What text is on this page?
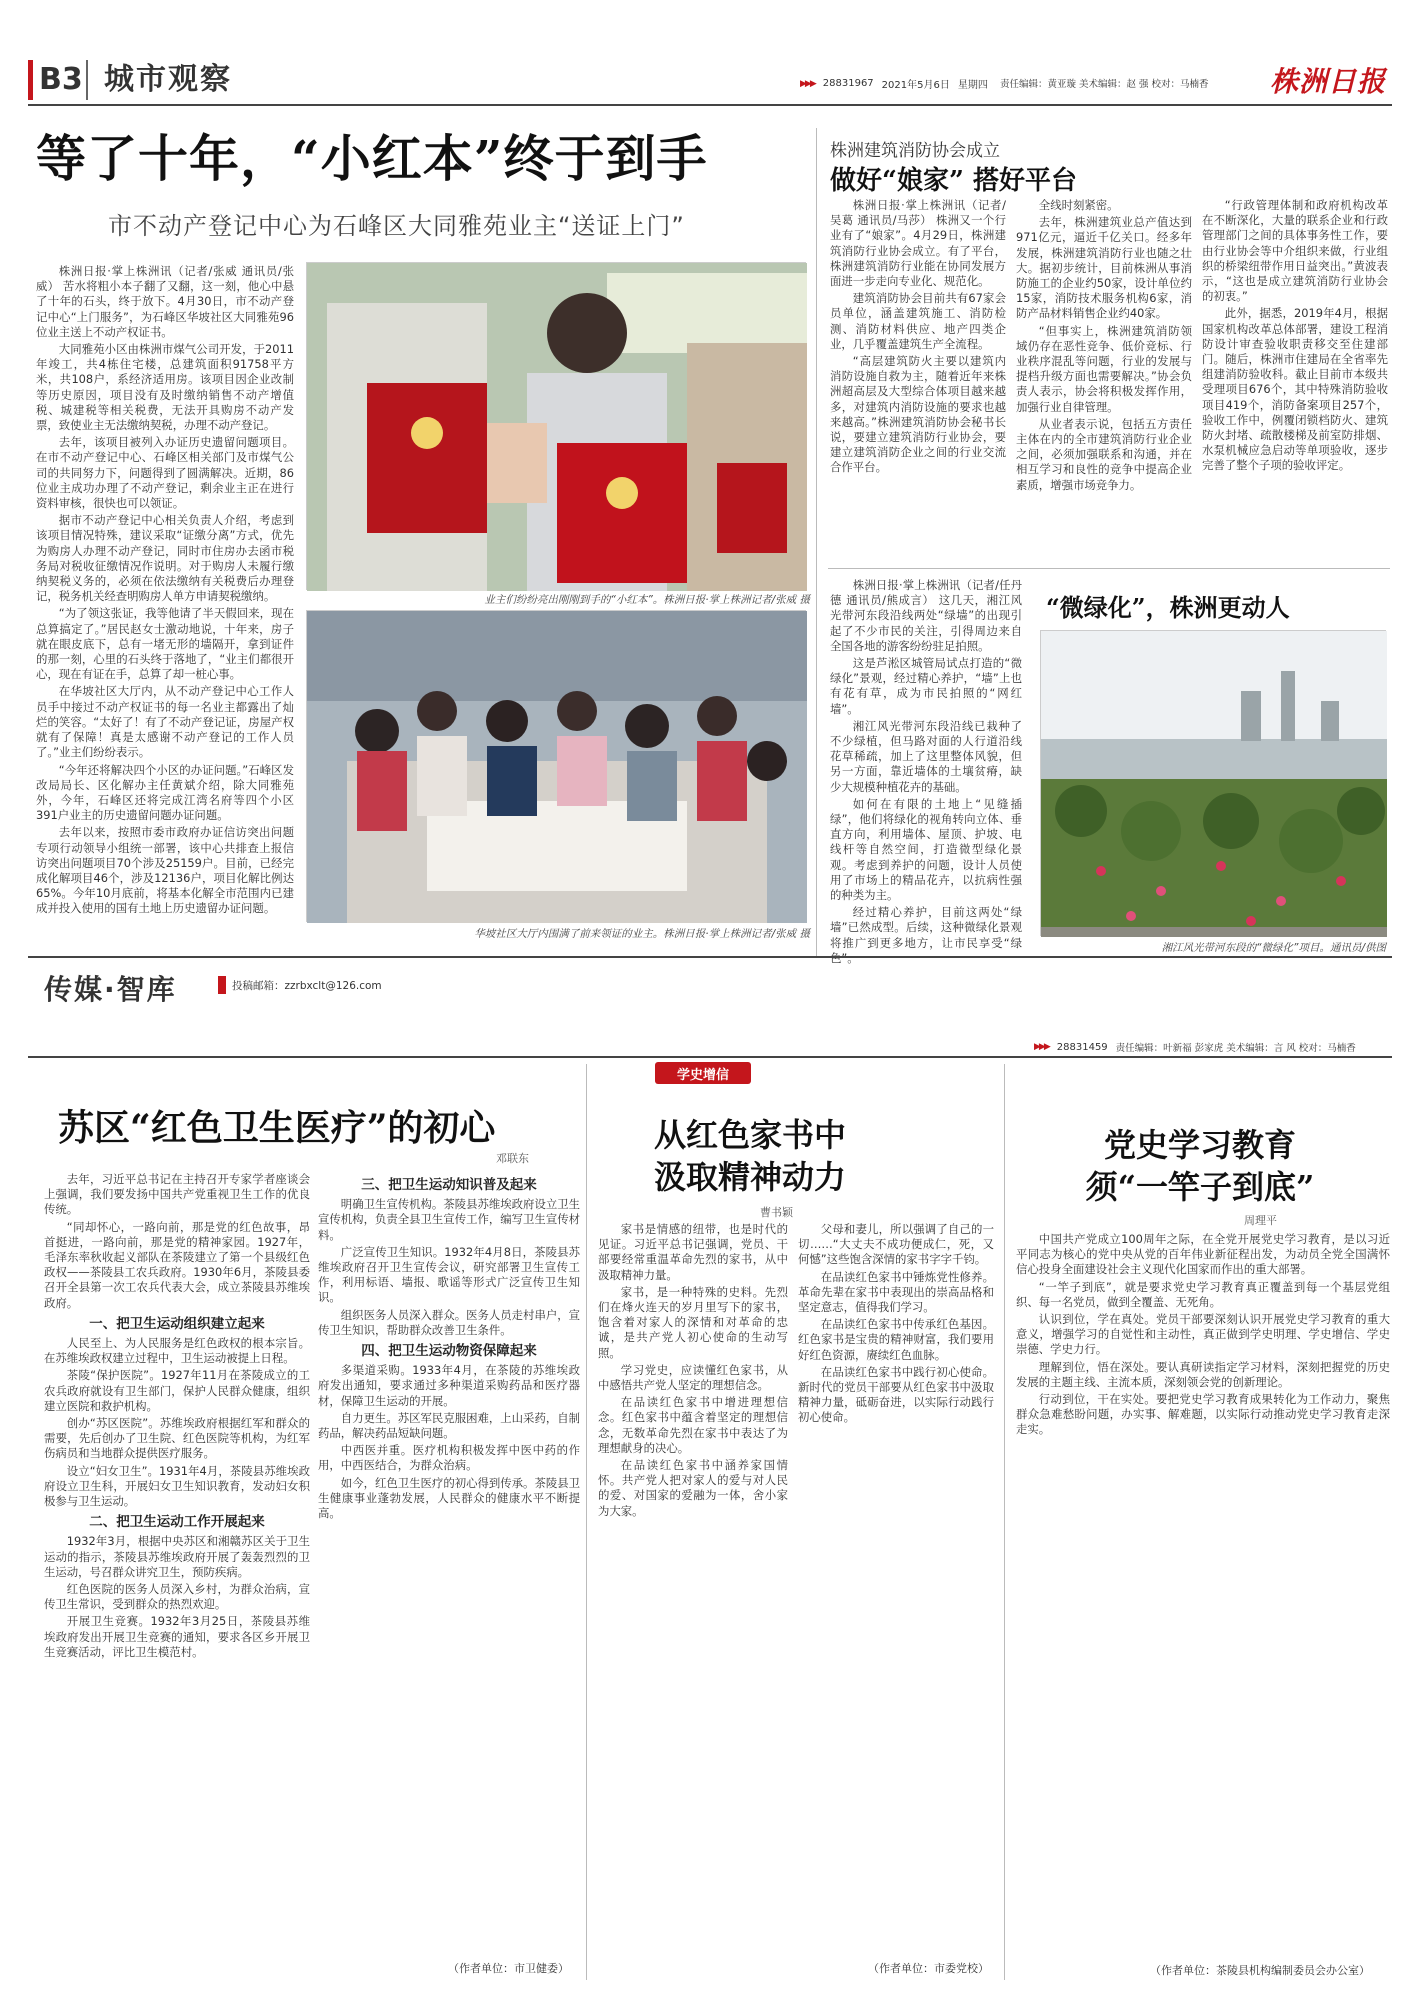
B3 城市观察	▶▶▶ 28831967 2021年5月6日 星期四 责任编辑：黄亚璇 美术编辑：赵 强 校对：马楠香 株洲日报
等了十年，“小红本”终于到手
市不动产登记中心为石峰区大同雅苑业主“送证上门”

株洲日报·掌上株洲讯（记者/张威 通讯员/张威） 苦水将粗小本子翻了又翻，这一刻，他心中悬了十年的石头，终于放下。4月30日，市不动产登记中心“上门服务”，为石峰区华坡社区大同雅苑96位业主送上不动产权证书。

大同雅苑小区由株洲市煤气公司开发，于2011年竣工，共4栋住宅楼，总建筑面积91758平方米，共108户，系经济适用房。该项目因企业改制等历史原因，项目没有及时缴纳销售不动产增值税、城建税等相关税费，无法开具购房不动产发票，致使业主无法缴纳契税，办理不动产登记。

去年，该项目被列入办证历史遗留问题项目。在市不动产登记中心、石峰区相关部门及市煤气公司的共同努力下，问题得到了圆满解决。近期，86位业主成功办理了不动产登记，剩余业主正在进行资料审核，很快也可以领证。

据市不动产登记中心相关负责人介绍，考虑到该项目情况特殊，建议采取“证缴分离”方式，优先为购房人办理不动产登记，同时市住房办去函市税务局对税收征缴情况作说明。对于购房人未履行缴纳契税义务的，必须在依法缴纳有关税费后办理登记，税务机关经查明购房人单方申请契税缴纳。

“为了领这张证，我等他请了半天假回来，现在总算搞定了。”居民赵女士激动地说，十年来，房子就在眼皮底下，总有一堵无形的墙隔开，拿到证件的那一刻，心里的石头终于落地了，“业主们都很开心，现在有证在手，总算了却一桩心事。

在华坡社区大厅内，从不动产登记中心工作人员手中接过不动产权证书的每一名业主都露出了灿烂的笑容。“太好了！有了不动产登记证，房屋产权就有了保障！真是太感谢不动产登记的工作人员了。”业主们纷纷表示。

“今年还将解决四个小区的办证问题。”石峰区发改局局长、区化解办主任黄斌介绍，除大同雅苑外，今年，石峰区还将完成江湾名府等四个小区391户业主的历史遗留问题办证问题。

去年以来，按照市委市政府办证信访突出问题专项行动领导小组统一部署，该中心共排查上报信访突出问题项目70个涉及25159户。目前，已经完成化解项目46个，涉及12136户，项目化解比例达65%。今年10月底前，将基本化解全市范围内已建成并投入使用的国有土地上历史遗留办证问题。

业主们纷纷亮出刚刚到手的“小红本”。株洲日报·掌上株洲记者/张威 摄
华坡社区大厅内围满了前来领证的业主。株洲日报·掌上株洲记者/张威 摄
株洲建筑消防协会成立
做好“娘家” 搭好平台

株洲日报·掌上株洲讯（记者/吴葛 通讯员/马莎） 株洲又一个行业有了“娘家”。4月29日，株洲建筑消防行业协会成立。有了平台，株洲建筑消防行业能在协同发展方面进一步走向专业化、规范化。

建筑消防协会目前共有67家会员单位，涵盖建筑施工、消防检测、消防材料供应、地产四类企业，几乎覆盖建筑生产全流程。

“高层建筑防火主要以建筑内消防设施自救为主，随着近年来株洲超高层及大型综合体项目越来越多，对建筑内消防设施的要求也越来越高。”株洲建筑消防协会秘书长说，要建立建筑消防行业协会，要建立建筑消防企业之间的行业交流合作平台。

全线时刻紧密。

去年，株洲建筑业总产值达到971亿元，逼近千亿关口。经多年发展，株洲建筑消防行业也随之壮大。据初步统计，目前株洲从事消防施工的企业约50家，设计单位约15家，消防技术服务机构6家，消防产品材料销售企业约40家。

“但事实上，株洲建筑消防领域仍存在恶性竞争、低价竞标、行业秩序混乱等问题，行业的发展与提档升级方面也需要解决。”协会负责人表示，协会将积极发挥作用，加强行业自律管理。

从业者表示说，包括五方责任主体在内的全市建筑消防行业企业之间，必须加强联系和沟通，并在相互学习和良性的竞争中提高企业素质，增强市场竞争力。

“行政管理体制和政府机构改革在不断深化，大量的联系企业和行政管理部门之间的具体事务性工作，要由行业协会等中介组织来做，行业组织的桥梁纽带作用日益突出。”黄波表示，“这也是成立建筑消防行业协会的初衷。”

此外，据悉，2019年4月，根据国家机构改革总体部署，建设工程消防设计审查验收职责移交至住建部门。随后，株洲市住建局在全省率先组建消防验收科。截止目前市本级共受理项目676个，其中特殊消防验收项目419个，消防备案项目257个，验收工作中，例覆闭锁档防火、建筑防火封堵、疏散楼梯及前室防排烟、水泵机械应急启动等单项验收，逐步完善了整个子项的验收评定。

株洲日报·掌上株洲讯（记者/任丹德 通讯员/熊成言） 这几天，湘江风光带河东段沿线两处“绿墙”的出现引起了不少市民的关注，引得周边来自全国各地的游客纷纷驻足拍照。

这是芦淞区城管局试点打造的“微绿化”景观，经过精心养护，“墙”上也有花有草，成为市民拍照的“网红墙”。

湘江风光带河东段沿线已栽种了不少绿植，但马路对面的人行道沿线花草稀疏，加上了这里整体风貌，但另一方面，靠近墙体的土壤贫瘠，缺少大规模种植花卉的基础。

如何在有限的土地上“见缝插绿”，他们将绿化的视角转向立体、垂直方向，利用墙体、屋顶、护坡、电线杆等自然空间，打造微型绿化景观。考虑到养护的问题，设计人员使用了市场上的精品花卉，以抗病性强的种类为主。

经过精心养护，目前这两处“绿墙”已然成型。后续，这种微绿化景观将推广到更多地方，让市民享受“绿

“微绿化”，株洲更动人
湘江风光带河东段的“微绿化”项目。通讯员/供图
传媒·智库	投稿邮箱：zzrbxclt@126.com
▶▶▶ 28831459 责任编辑：叶新福 彭家虎 美术编辑：言 风 校对：马楠香
学史增信
苏区“红色卫生医疗”的初心
邓联东

去年，习近平总书记在主持召开专家学者座谈会上强调，我们要发扬中国共产党重视卫生工作的优良传统。

“同却怀心，一路向前，那是党的红色故事，昂首挺进，一路向前，那是党的精神家园。1927年，毛泽东率秋收起义部队在茶陵建立了第一个县级红色政权——茶陵县工农兵政府。1930年6月，茶陵县委召开全县第一次工农兵代表大会，成立茶陵县苏维埃政府。

一、把卫生运动组织建立起来

人民至上、为人民服务是红色政权的根本宗旨。在苏维埃政权建立过程中，卫生运动被提上日程。

茶陵“保护医院”。1927年11月在茶陵成立的工农兵政府就设有卫生部门，保护人民群众健康，组织建立医院和救护机构。

创办“苏区医院”。苏维埃政府根据红军和群众的需要，先后创办了卫生院、红色医院等机构，为红军伤病员和当地群众提供医疗服务。

设立“妇女卫生”。1931年4月，茶陵县苏维埃政府设立卫生科，开展妇女卫生知识教育，发动妇女积极参与卫生运动。

二、把卫生运动工作开展起来

1932年3月，根据中央苏区和湘赣苏区关于卫生运动的指示，茶陵县苏维埃政府开展了轰轰烈烈的卫生运动，号召群众讲究卫生，预防疾病。

红色医院的医务人员深入乡村，为群众治病，宣传卫生常识，受到群众的热烈欢迎。

开展卫生竞赛。1932年3月25日，茶陵县苏维埃政府发出开展卫生竞赛的通知，要求各区乡开展卫生竞赛活动，评比卫生模范村。

三、把卫生运动知识普及起来

明确卫生宣传机构。茶陵县苏维埃政府设立卫生宣传机构，负责全县卫生宣传工作，编写卫生宣传材料。

广泛宣传卫生知识。1932年4月8日，茶陵县苏维埃政府召开卫生宣传会议，研究部署卫生宣传工作，利用标语、墙报、歌谣等形式广泛宣传卫生知识。

组织医务人员深入群众。医务人员走村串户，宣传卫生知识，帮助群众改善卫生条件。

四、把卫生运动物资保障起来

多渠道采购。1933年4月，在茶陵的苏维埃政府发出通知，要求通过多种渠道采购药品和医疗器材，保障卫生运动的开展。

自力更生。苏区军民克服困难，上山采药，自制药品，解决药品短缺问题。

中西医并重。医疗机构积极发挥中医中药的作用，中西医结合，为群众治病。

如今，红色卫生医疗的初心得到传承。茶陵县卫生健康事业蓬勃发展，人民群众的健康水平不断提高。

（作者单位：市卫健委）
从红色家书中
汲取精神动力
曹书颖

家书是情感的纽带，也是时代的见证。习近平总书记强调，党员、干部要经常重温革命先烈的家书，从中汲取精神力量。

家书，是一种特殊的史料。先烈们在烽火连天的岁月里写下的家书，饱含着对家人的深情和对革命的忠诚，是共产党人初心使命的生动写照。

学习党史，应读懂红色家书，从中感悟共产党人坚定的理想信念。

在品读红色家书中增进理想信念。红色家书中蕴含着坚定的理想信念，无数革命先烈在家书中表达了为理想献身的决心。

在品读红色家书中涵养家国情怀。共产党人把对家人的爱与对人民的爱、对国家的爱融为一体，舍小家为大家。

父母和妻儿，所以强调了自己的一切……“大丈夫不成功便成仁，死，又何憾”这些饱含深情的家书字字千钧。

在品读红色家书中锤炼党性修养。革命先辈在家书中表现出的崇高品格和坚定意志，值得我们学习。

在品读红色家书中传承红色基因。红色家书是宝贵的精神财富，我们要用好红色资源，赓续红色血脉。

在品读红色家书中践行初心使命。新时代的党员干部要从红色家书中汲取精神力量，砥砺奋进，以实际行动践行初心使命。

（作者单位：市委党校）
党史学习教育
须“一竿子到底”
周理平

中国共产党成立100周年之际，在全党开展党史学习教育，是以习近平同志为核心的党中央从党的百年伟业新征程出发，为动员全党全国满怀信心投身全面建设社会主义现代化国家而作出的重大部署。

“一竿子到底”，就是要求党史学习教育真正覆盖到每一个基层党组织、每一名党员，做到全覆盖、无死角。

认识到位，学在真处。党员干部要深刻认识开展党史学习教育的重大意义，增强学习的自觉性和主动性，真正做到学史明理、学史增信、学史崇德、学史力行。

理解到位，悟在深处。要认真研读指定学习材料，深刻把握党的历史发展的主题主线、主流本质，深刻领会党的创新理论。

行动到位，干在实处。要把党史学习教育成果转化为工作动力，聚焦群众急难愁盼问题，办实事、解难题，以实际行动推动党史学习教育走深走实。

（作者单位：茶陵县机构编制委员会办公室）
